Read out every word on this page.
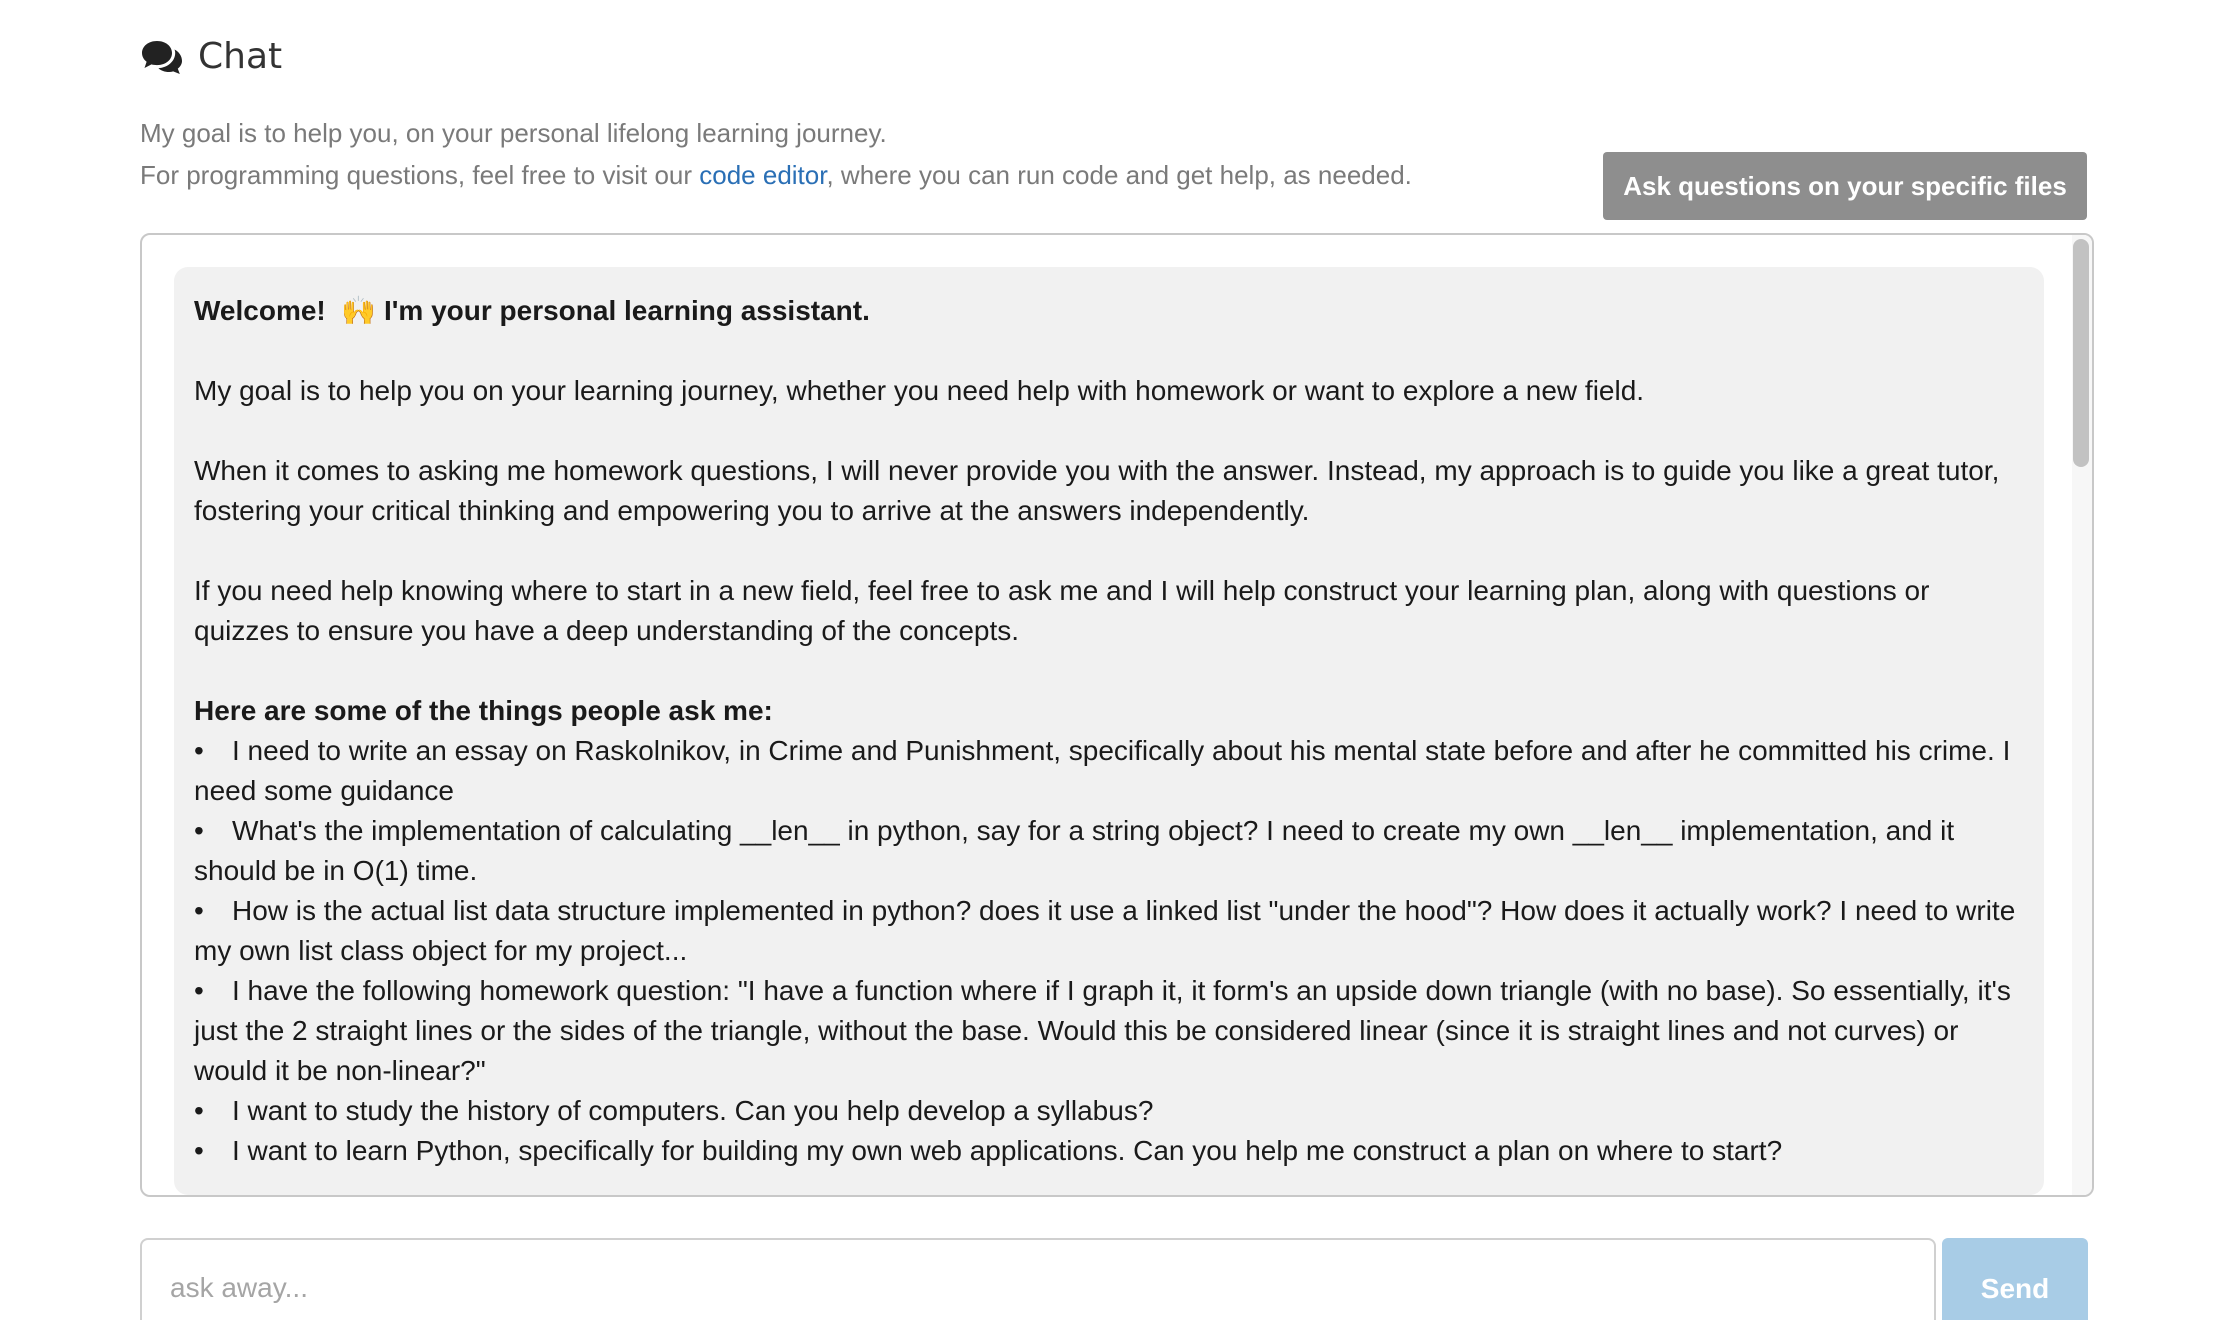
Chat
My goal is to help you, on your personal lifelong learning journey.
For programming questions, feel free to visit our code editor, where you can run code and get help, as needed.	Ask questions on your specific files

Welcome! 🙌 I'm your personal learning assistant.

My goal is to help you on your learning journey, whether you need help with homework or want to explore a new field.

When it comes to asking me homework questions, I will never provide you with the answer. Instead, my approach is to guide you like a great tutor, fostering your critical thinking and empowering you to arrive at the answers independently.

If you need help knowing where to start in a new field, feel free to ask me and I will help construct your learning plan, along with questions or quizzes to ensure you have a deep understanding of the concepts.

Here are some of the things people ask me:

• I need to write an essay on Raskolnikov, in Crime and Punishment, specifically about his mental state before and after he committed his crime. I need some guidance
• What's the implementation of calculating __len__ in python, say for a string object? I need to create my own __len__ implementation, and it should be in O(1) time.
• How is the actual list data structure implemented in python? does it use a linked list "under the hood"? How does it actually work? I need to write my own list class object for my project...
• I have the following homework question: "I have a function where if I graph it, it form's an upside down triangle (with no base). So essentially, it's just the 2 straight lines or the sides of the triangle, without the base. Would this be considered linear (since it is straight lines and not curves) or would it be non-linear?"
• I want to study the history of computers. Can you help develop a syllabus?
• I want to learn Python, specifically for building my own web applications. Can you help me construct a plan on where to start?
ask away...
Send
